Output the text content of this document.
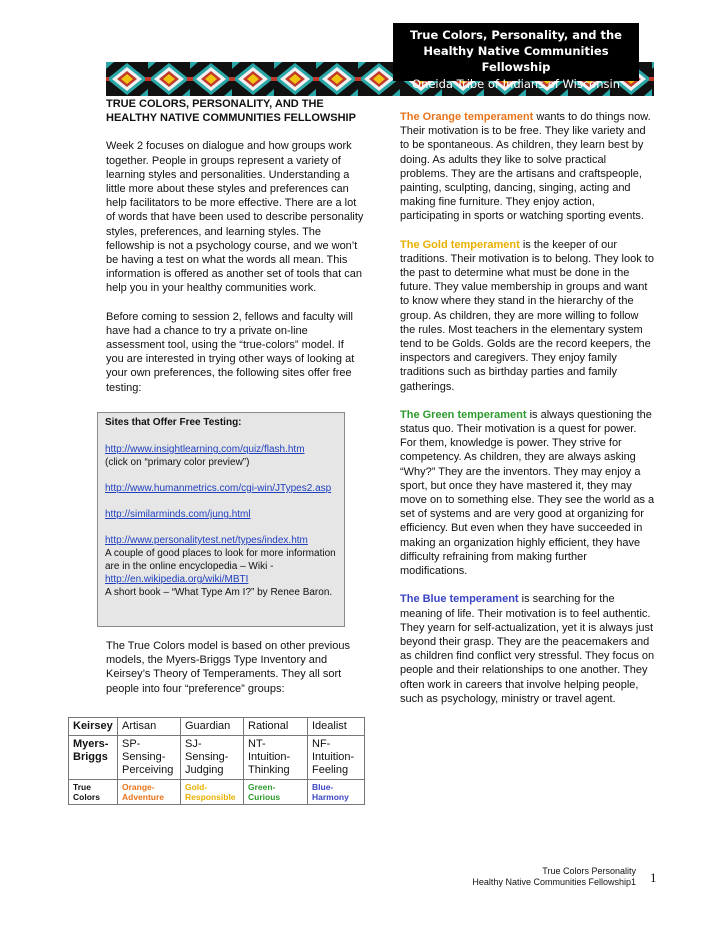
True Colors, Personality, and the Healthy Native Communities Fellowship
Oneida Tribe of Indians of Wisconsin
TRUE COLORS, PERSONALITY, AND THE HEALTHY NATIVE COMMUNITIES FELLOWSHIP

Week 2 focuses on dialogue and how groups work together. People in groups represent a variety of learning styles and personalities. Understanding a little more about these styles and preferences can help facilitators to be more effective. There are a lot of words that have been used to describe personality styles, preferences, and learning styles. The fellowship is not a psychology course, and we won’t be having a test on what the words all mean. This information is offered as another set of tools that can help you in your healthy communities work.

Before coming to session 2, fellows and faculty will have had a chance to try a private on-line assessment tool, using the “true-colors” model. If you are interested in trying other ways of looking at your own preferences, the following sites offer free testing:

Sites that Offer Free Testing:
http://www.insightlearning.com/quiz/flash.htm
(click on “primary color preview”)
http://www.humanmetrics.com/cgi-win/JTypes2.asp
http://similarminds.com/jung.html
http://www.personalitytest.net/types/index.htm
A couple of good places to look for more information are in the online encyclopedia – Wiki - http://en.wikipedia.org/wiki/MBTI
A short book – “What Type Am I?” by Renee Baron.
The True Colors model is based on other previous models, the Myers-Briggs Type Inventory and Keirsey’s Theory of Temperaments. They all sort people into four “preference” groups:
Keirsey	Artisan	Guardian	Rational	Idealist
Myers-Briggs	SP- Sensing-Perceiving	SJ- Sensing-Judging	NT- Intuition-Thinking	NF- Intuition-Feeling
True Colors	Orange-Adventure	Gold-Responsible	Green-Curious	Blue-Harmony

The Orange temperament wants to do things now. Their motivation is to be free. They like variety and to be spontaneous. As children, they learn best by doing. As adults they like to solve practical problems. They are the artisans and craftspeople, painting, sculpting, dancing, singing, acting and making fine furniture. They enjoy action, participating in sports or watching sporting events.

The Gold temperament is the keeper of our traditions. Their motivation is to belong. They look to the past to determine what must be done in the future. They value membership in groups and want to know where they stand in the hierarchy of the group. As children, they are more willing to follow the rules. Most teachers in the elementary system tend to be Golds. Golds are the record keepers, the inspectors and caregivers. They enjoy family traditions such as birthday parties and family gatherings.

The Green temperament is always questioning the status quo. Their motivation is a quest for power. For them, knowledge is power. They strive for competency. As children, they are always asking “Why?” They are the inventors. They may enjoy a sport, but once they have mastered it, they may move on to something else. They see the world as a set of systems and are very good at organizing for efficiency. But even when they have succeeded in making an organization highly efficient, they have difficulty refraining from making further modifications.

The Blue temperament is searching for the meaning of life. Their motivation is to feel authentic. They yearn for self-actualization, yet it is always just beyond their grasp. They are the peacemakers and as children find conflict very stressful. They focus on people and their relationships to one another. They often work in careers that involve helping people, such as psychology, ministry or travel agent.

True Colors Personality
Healthy Native Communities Fellowship1 1
